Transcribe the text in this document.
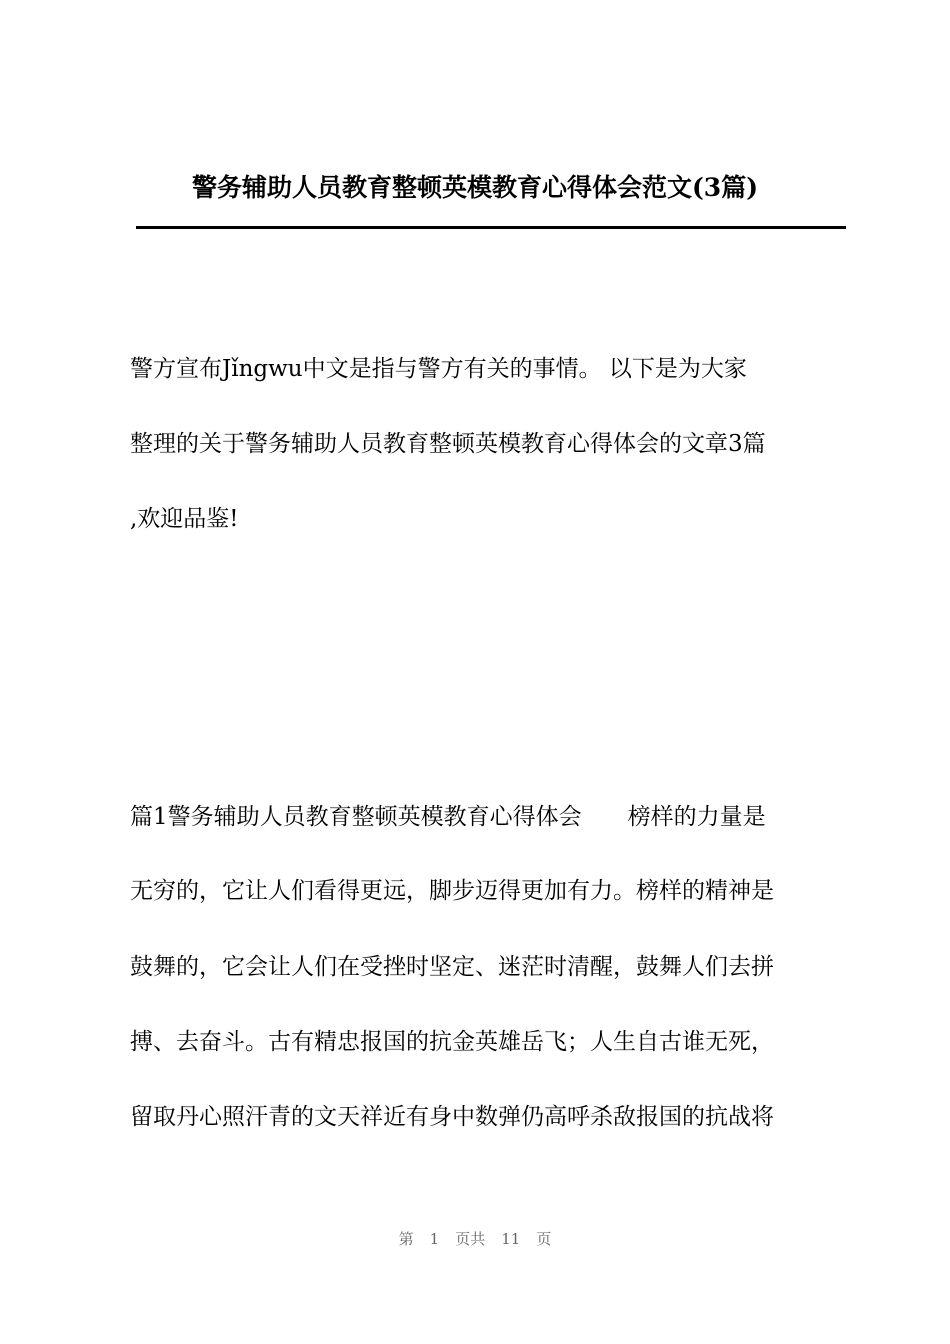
警务辅助人员教育整顿英模教育心得体会范文(3篇)
警方宣布Jǐngwu中文是指与警方有关的事情。 以下是为大家
整理的关于警务辅助人员教育整顿英模教育心得体会的文章3篇
,欢迎品鉴!
篇1警务辅助人员教育整顿英模教育心得体会　　榜样的力量是
无穷的，它让人们看得更远，脚步迈得更加有力。榜样的精神是
鼓舞的，它会让人们在受挫时坚定、迷茫时清醒，鼓舞人们去拼
搏、去奋斗。古有精忠报国的抗金英雄岳飞；人生自古谁无死，
留取丹心照汗青的文天祥近有身中数弹仍高呼杀敌报国的抗战将
第 1 页共 11 页
